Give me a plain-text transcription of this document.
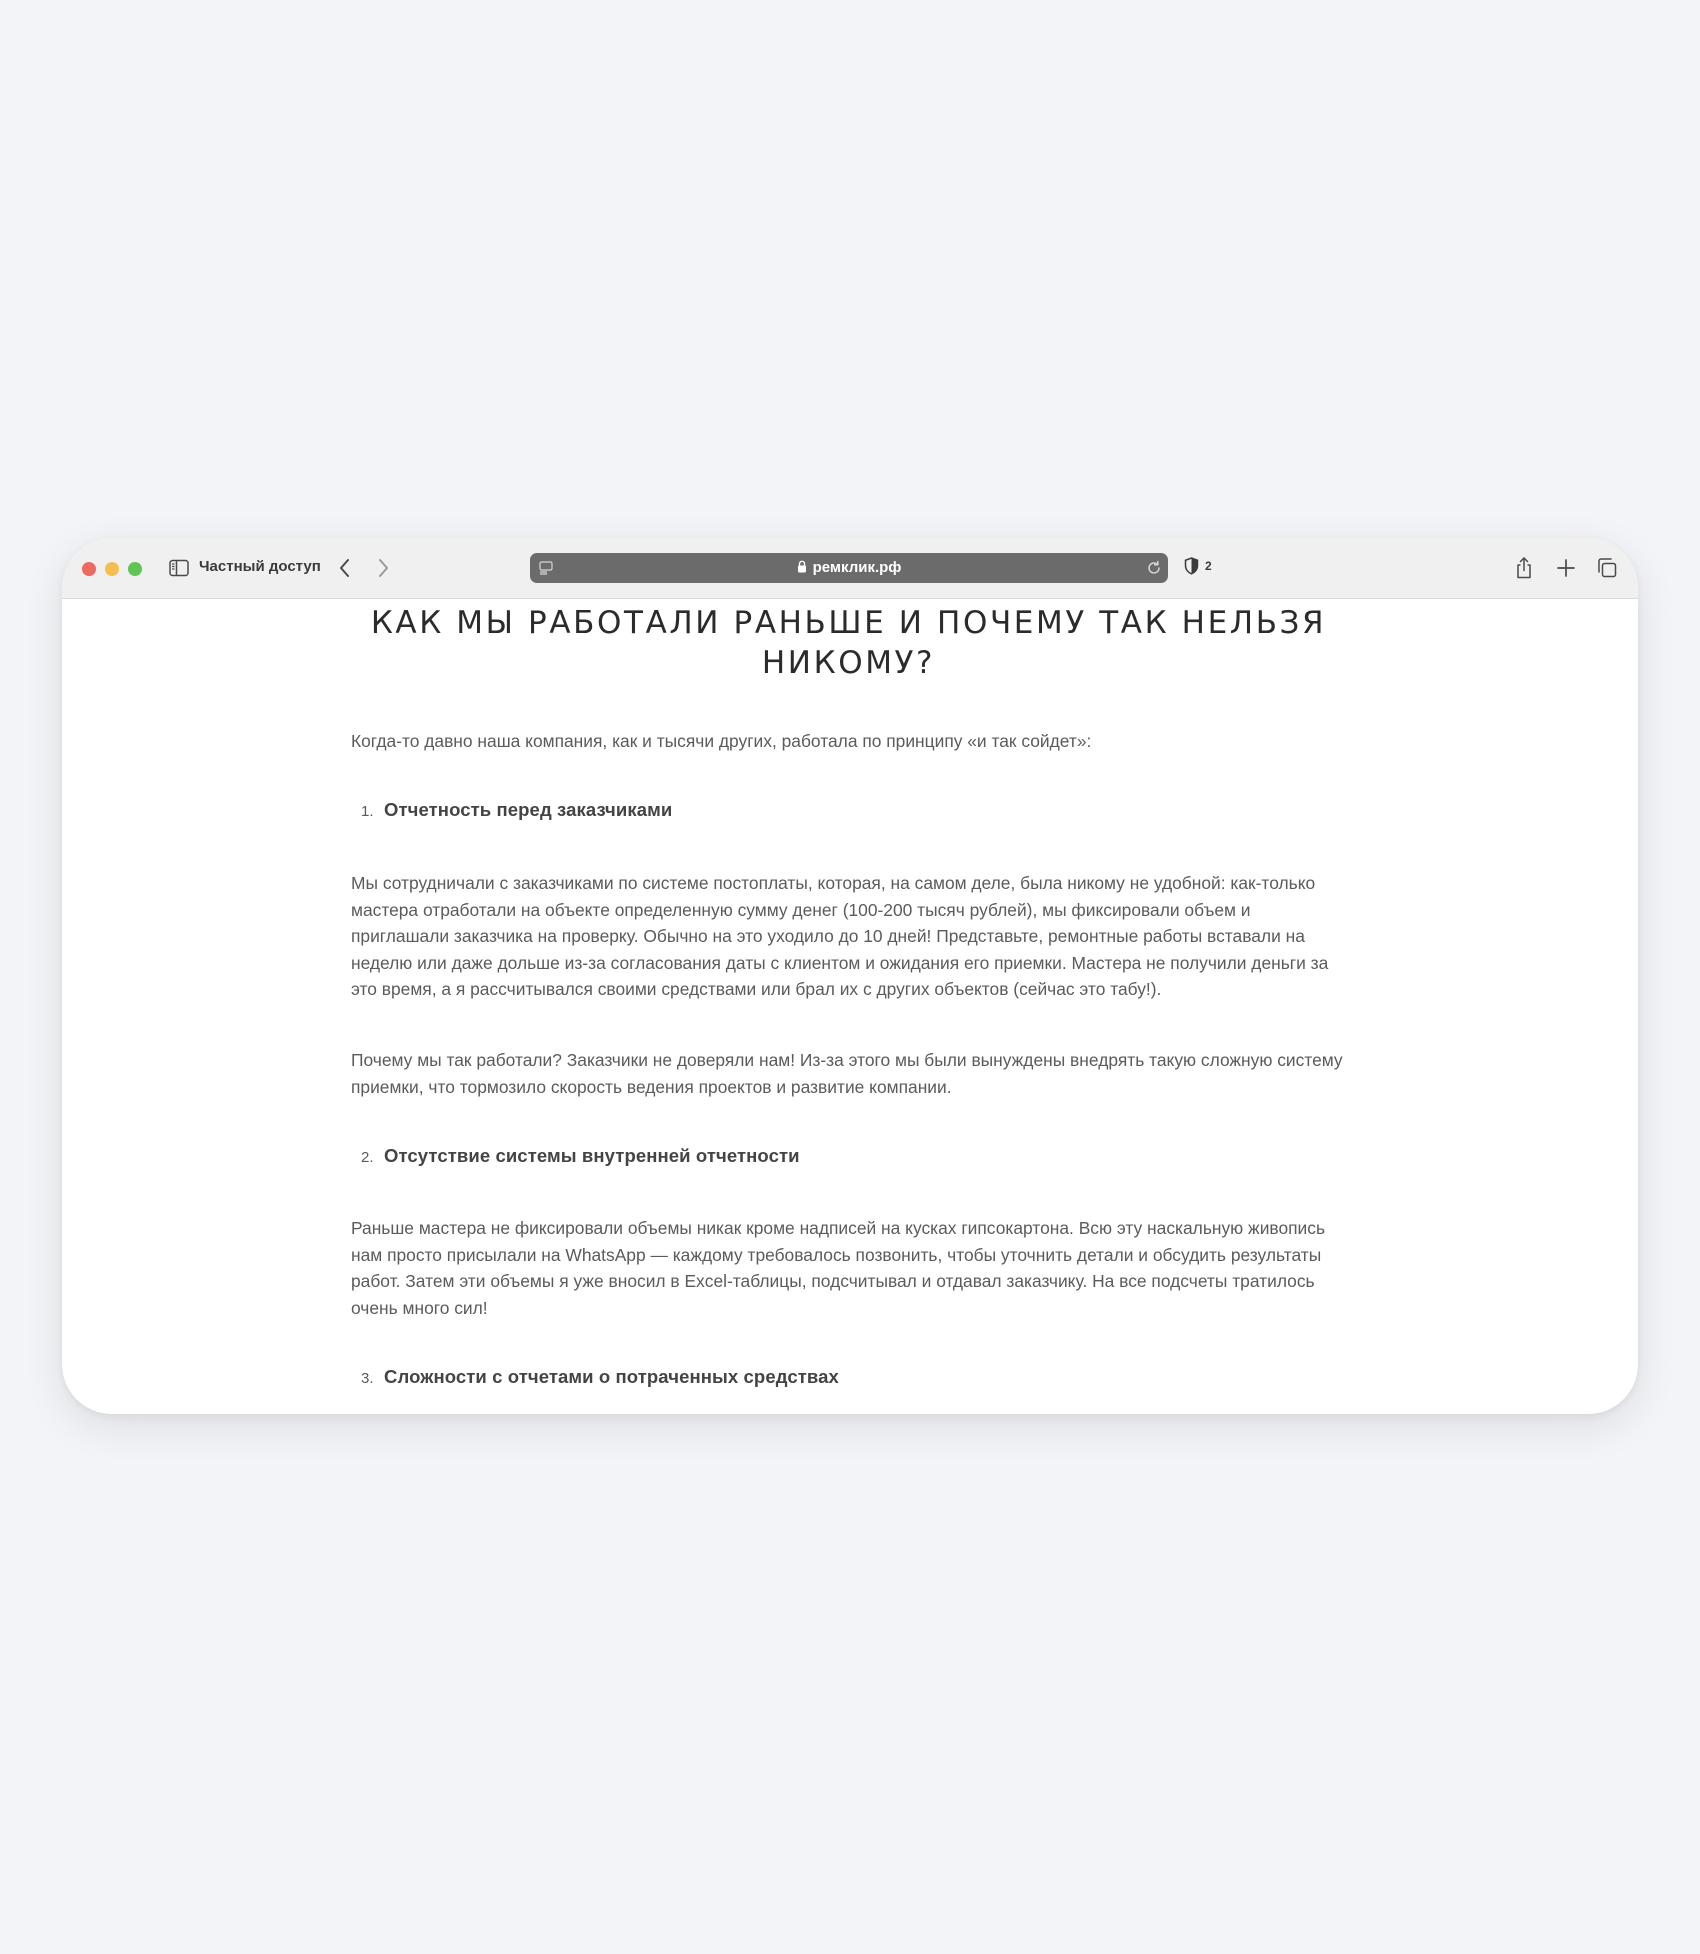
Частный доступ	ремклик.рф	2
КАК МЫ РАБОТАЛИ РАНЬШЕ И ПОЧЕМУ ТАК НЕЛЬЗЯ НИКОМУ?

Когда-то давно наша компания, как и тысячи других, работала по принципу «и так сойдет»:

1. Отчетность перед заказчиками

Мы сотрудничали с заказчиками по системе постоплаты, которая, на самом деле, была никому не удобной: как-только мастера отработали на объекте определенную сумму денег (100-200 тысяч рублей), мы фиксировали объем и приглашали заказчика на проверку. Обычно на это уходило до 10 дней! Представьте, ремонтные работы вставали на неделю или даже дольше из-за согласования даты с клиентом и ожидания его приемки. Мастера не получили деньги за это время, а я рассчитывался своими средствами или брал их с других объектов (сейчас это табу!).

Почему мы так работали? Заказчики не доверяли нам! Из-за этого мы были вынуждены внедрять такую сложную систему приемки, что тормозило скорость ведения проектов и развитие компании.

2. Отсутствие системы внутренней отчетности

Раньше мастера не фиксировали объемы никак кроме надписей на кусках гипсокартона. Всю эту наскальную живопись нам просто присылали на WhatsApp — каждому требовалось позвонить, чтобы уточнить детали и обсудить результаты работ. Затем эти объемы я уже вносил в Excel-таблицы, подсчитывал и отдавал заказчику. На все подсчеты тратилось очень много сил!

3. Сложности с отчетами о потраченных средствах
